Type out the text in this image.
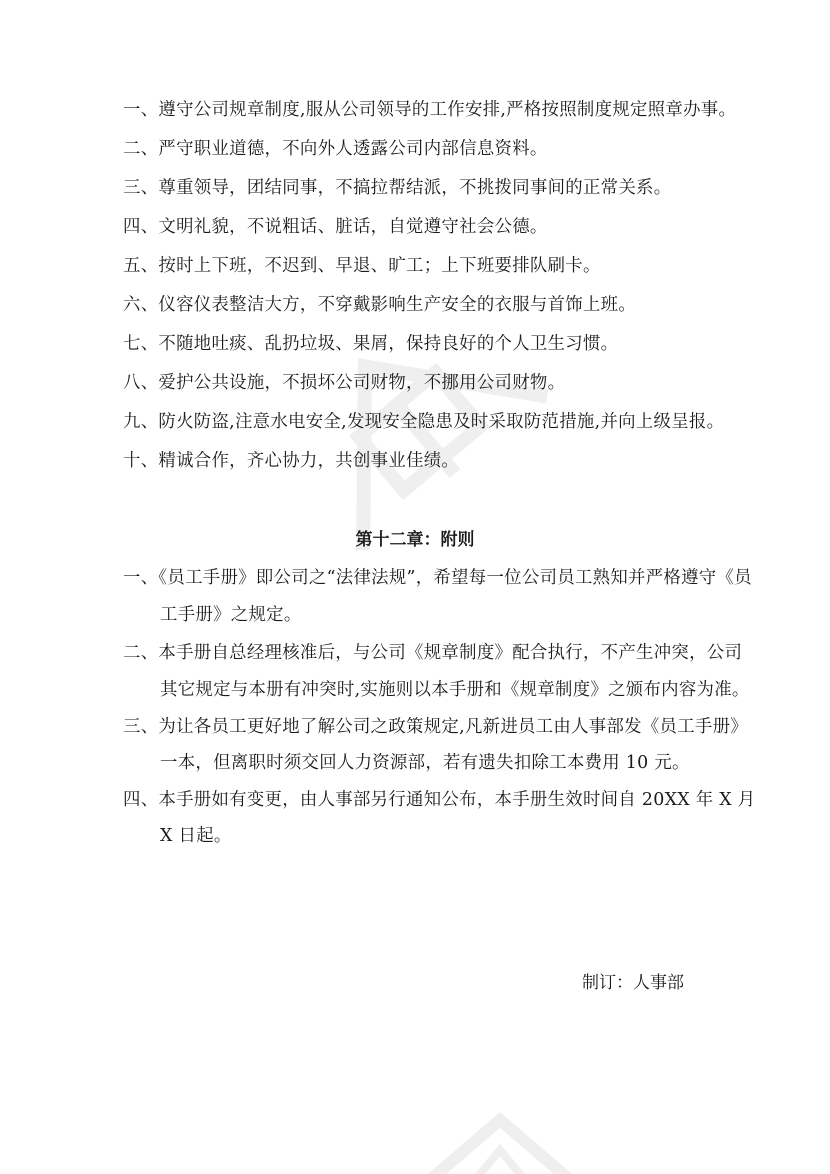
一、遵守公司规章制度,服从公司领导的工作安排,严格按照制度规定照章办事。
二、严守职业道德，不向外人透露公司内部信息资料。
三、尊重领导，团结同事，不搞拉帮结派，不挑拨同事间的正常关系。
四、文明礼貌，不说粗话、脏话，自觉遵守社会公德。
五、按时上下班，不迟到、早退、旷工；上下班要排队刷卡。
六、仪容仪表整洁大方，不穿戴影响生产安全的衣服与首饰上班。
七、不随地吐痰、乱扔垃圾、果屑，保持良好的个人卫生习惯。
八、爱护公共设施，不损坏公司财物，不挪用公司财物。
九、防火防盗,注意水电安全,发现安全隐患及时采取防范措施,并向上级呈报。
十、精诚合作，齐心协力，共创事业佳绩。
第十二章：附则
一、《员工手册》即公司之“法律法规”，希望每一位公司员工熟知并严格遵守《员
工手册》之规定。
二、本手册自总经理核准后，与公司《规章制度》配合执行，不产生冲突，公司
其它规定与本册有冲突时,实施则以本手册和《规章制度》之颁布内容为准。
三、为让各员工更好地了解公司之政策规定,凡新进员工由人事部发《员工手册》
一本，但离职时须交回人力资源部，若有遗失扣除工本费用 10 元。
四、本手册如有变更，由人事部另行通知公布，本手册生效时间自 20XX 年 X 月
X 日起。
制订：人事部
